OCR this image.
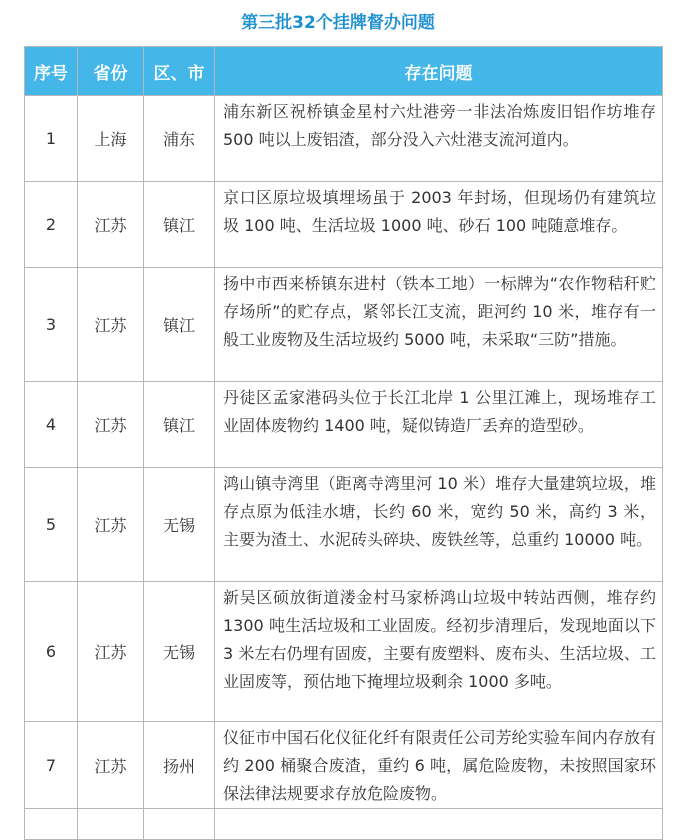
第三批32个挂牌督办问题
序号	省份	区、市	存在问题
1	上海	浦东	浦东新区祝桥镇金星村六灶港旁一非法冶炼废旧铝作坊堆存 500 吨以上废铝渣，部分没入六灶港支流河道内。
2	江苏	镇江	京口区原垃圾填埋场虽于 2003 年封场，但现场仍有建筑垃圾 100 吨、生活垃圾 1000 吨、砂石 100 吨随意堆存。
3	江苏	镇江	扬中市西来桥镇东进村（铁本工地）一标牌为“农作物秸秆贮存场所”的贮存点，紧邻长江支流，距河约 10 米，堆存有一般工业废物及生活垃圾约 5000 吨，未采取“三防”措施。
4	江苏	镇江	丹徒区孟家港码头位于长江北岸 1 公里江滩上，现场堆存工业固体废物约 1400 吨，疑似铸造厂丢弃的造型砂。
5	江苏	无锡	鸿山镇寺湾里（距离寺湾里河 10 米）堆存大量建筑垃圾，堆存点原为低洼水塘，长约 60 米，宽约 50 米，高约 3 米，主要为渣土、水泥砖头碎块、废铁丝等，总重约 10000 吨。
6	江苏	无锡	新吴区硕放街道溇金村马家桥鸿山垃圾中转站西侧，堆存约 1300 吨生活垃圾和工业固废。经初步清理后，发现地面以下 3 米左右仍埋有固废，主要有废塑料、废布头、生活垃圾、工业固废等，预估地下掩埋垃圾剩余 1000 多吨。
7	江苏	扬州	仪征市中国石化仪征化纤有限责任公司芳纶实验车间内存放有约 200 桶聚合废渣，重约 6 吨，属危险废物，未按照国家环保法律法规要求存放危险废物。
